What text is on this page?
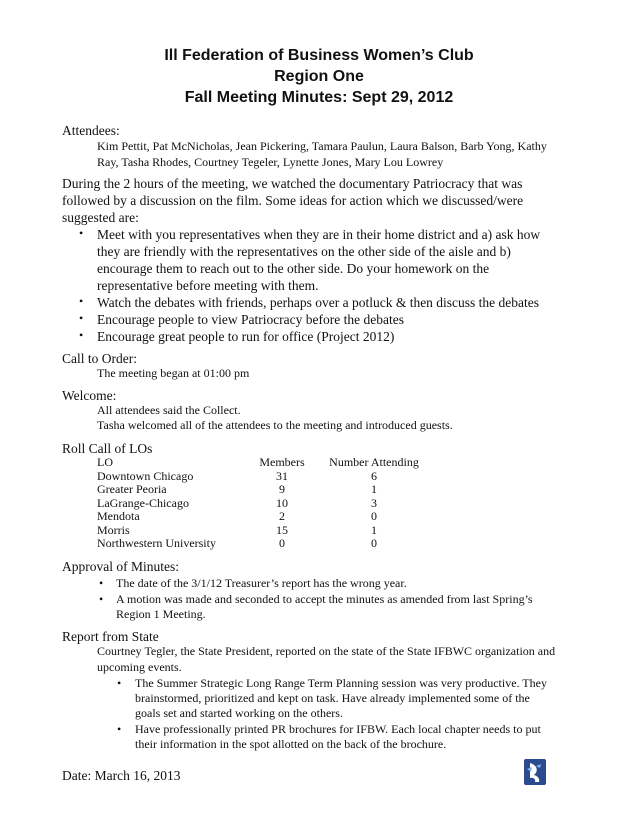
Ill Federation of Business Women’s Club
Region One
Fall Meeting Minutes: Sept 29, 2012
Attendees:
Kim Pettit, Pat McNicholas, Jean Pickering, Tamara Paulun, Laura Balson, Barb Yong, Kathy
Ray, Tasha Rhodes, Courtney Tegeler, Lynette Jones, Mary Lou Lowrey
During the 2 hours of the meeting, we watched the documentary Patriocracy that was
followed by a discussion on the film. Some ideas for action which we discussed/were
suggested are:
• Meet with you representatives when they are in their home district and a) ask how
they are friendly with the representatives on the other side of the aisle and b)
encourage them to reach out to the other side. Do your homework on the
representative before meeting with them.
• Watch the debates with friends, perhaps over a potluck & then discuss the debates
• Encourage people to view Patriocracy before the debates
• Encourage great people to run for office (Project 2012)
Call to Order:
The meeting began at 01:00 pm
Welcome:
All attendees said the Collect.
Tasha welcomed all of the attendees to the meeting and introduced guests.
Roll Call of LOs
LO	Members	Number Attending
Downtown Chicago	31	6
Greater Peoria	9	1
LaGrange-Chicago	10	3
Mendota	2	0
Morris	15	1
Northwestern University	0	0
Approval of Minutes:
• The date of the 3/1/12 Treasurer’s report has the wrong year.
• A motion was made and seconded to accept the minutes as amended from last Spring’s
Region 1 Meeting.
Report from State
Courtney Tegler, the State President, reported on the state of the State IFBWC organization and
upcoming events.
• The Summer Strategic Long Range Term Planning session was very productive. They
brainstormed, prioritized and kept on task. Have already implemented some of the
goals set and started working on the others.
• Have professionally printed PR brochures for IFBW. Each local chapter needs to put
their information in the spot allotted on the back of the brochure.
Date: March 16, 2013
